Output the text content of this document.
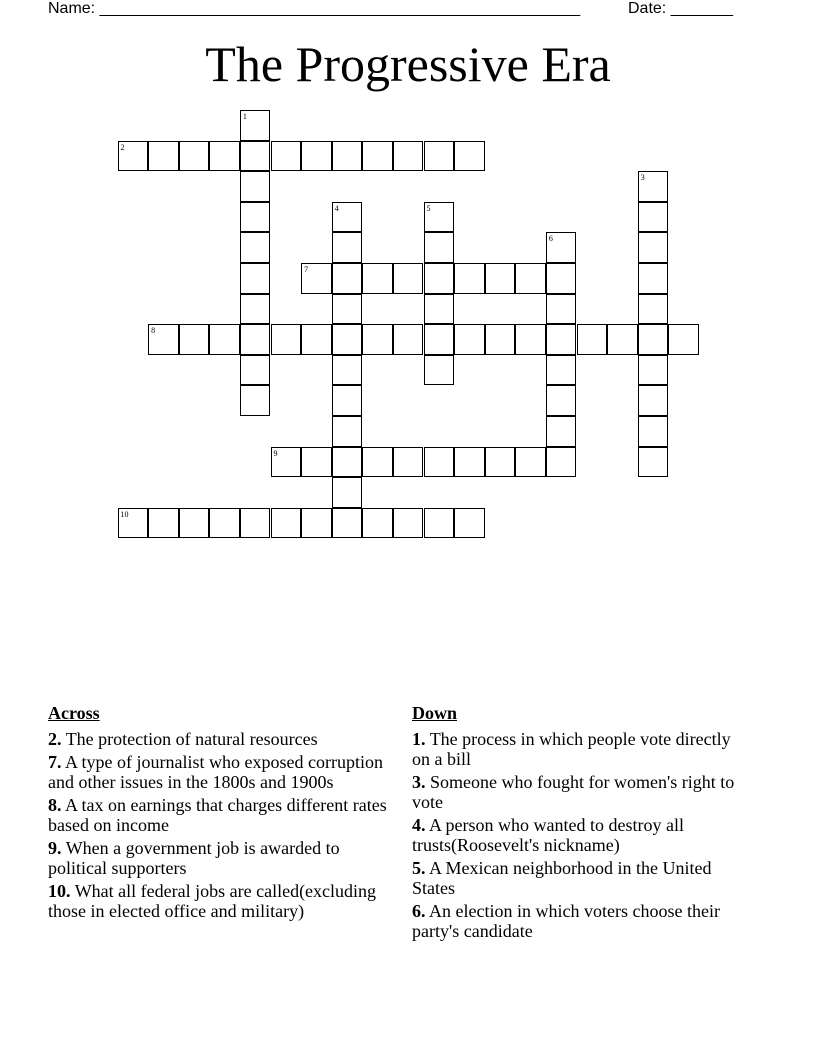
Name: ______________________________________________________	Date: _______
The Progressive Era
1
2
3
4	5
6
7
8
9
10
Across
2. The protection of natural resources
7. A type of journalist who exposed corruption and other issues in the 1800s and 1900s
8. A tax on earnings that charges different rates based on income
9. When a government job is awarded to political supporters
10. What all federal jobs are called(excluding those in elected office and military)
Down
1. The process in which people vote directly on a bill
3. Someone who fought for women's right to vote
4. A person who wanted to destroy all trusts(Roosevelt's nickname)
5. A Mexican neighborhood in the United States
6. An election in which voters choose their party's candidate
